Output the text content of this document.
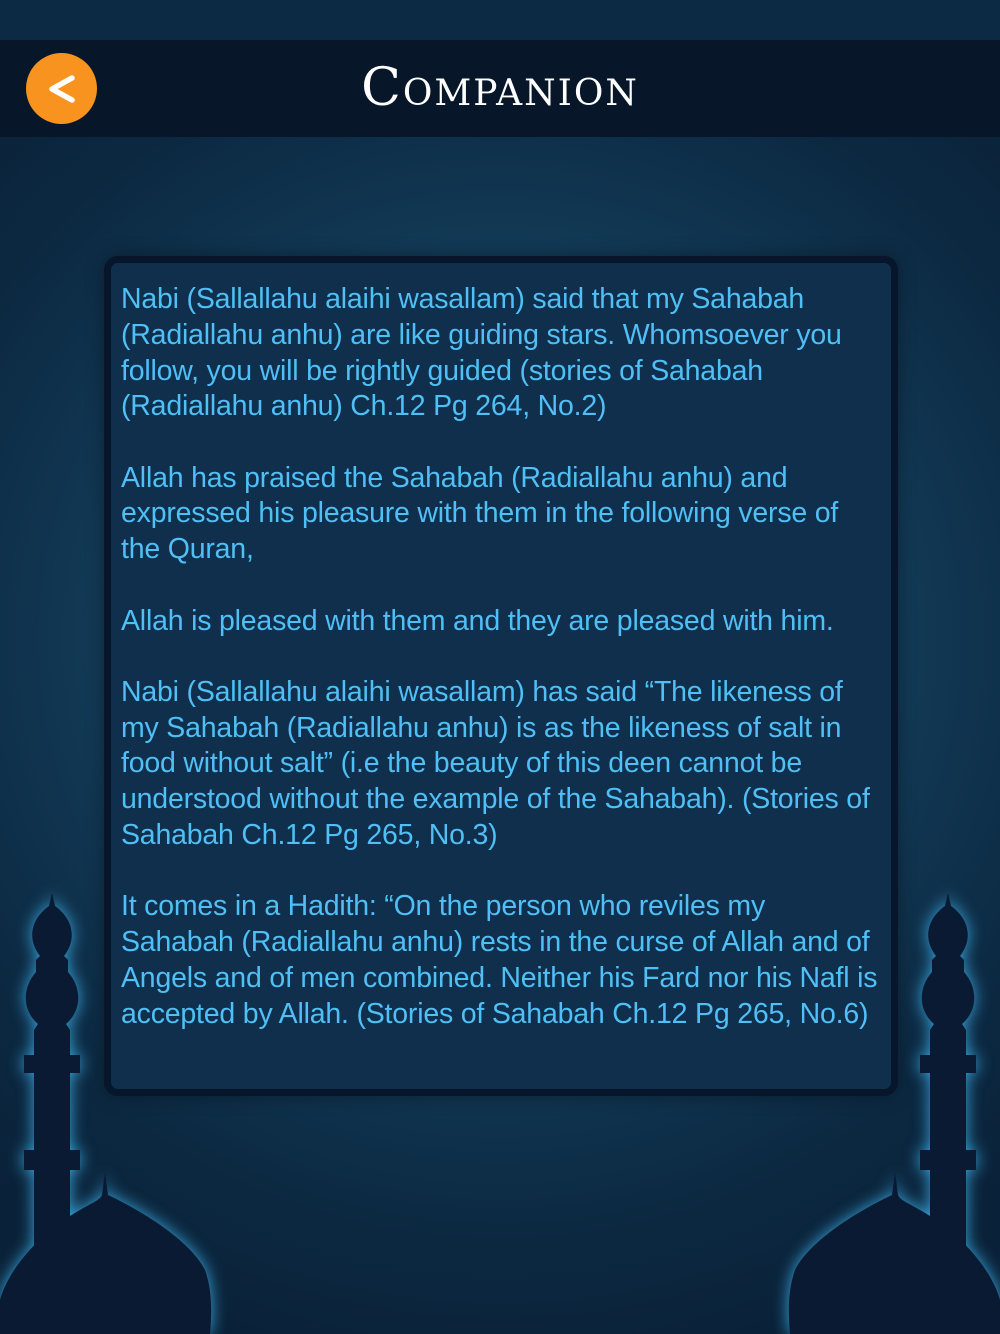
Companion

Nabi (Sallallahu alaihi wasallam) said that my Sahabah (Radiallahu anhu) are like guiding stars. Whomsoever you follow, you will be rightly guided (stories of Sahabah (Radiallahu anhu) Ch.12 Pg 264, No.2)

Allah has praised the Sahabah (Radiallahu anhu) and expressed his pleasure with them in the following verse of the Quran,

Allah is pleased with them and they are pleased with him.

Nabi (Sallallahu alaihi wasallam) has said “The likeness of my Sahabah (Radiallahu anhu) is as the likeness of salt in food without salt” (i.e the beauty of this deen cannot be understood without the example of the Sahabah). (Stories of Sahabah Ch.12 Pg 265, No.3)

It comes in a Hadith: “On the person who reviles my Sahabah (Radiallahu anhu) rests in the curse of Allah and of Angels and of men combined. Neither his Fard nor his Nafl is accepted by Allah. (Stories of Sahabah Ch.12 Pg 265, No.6)
